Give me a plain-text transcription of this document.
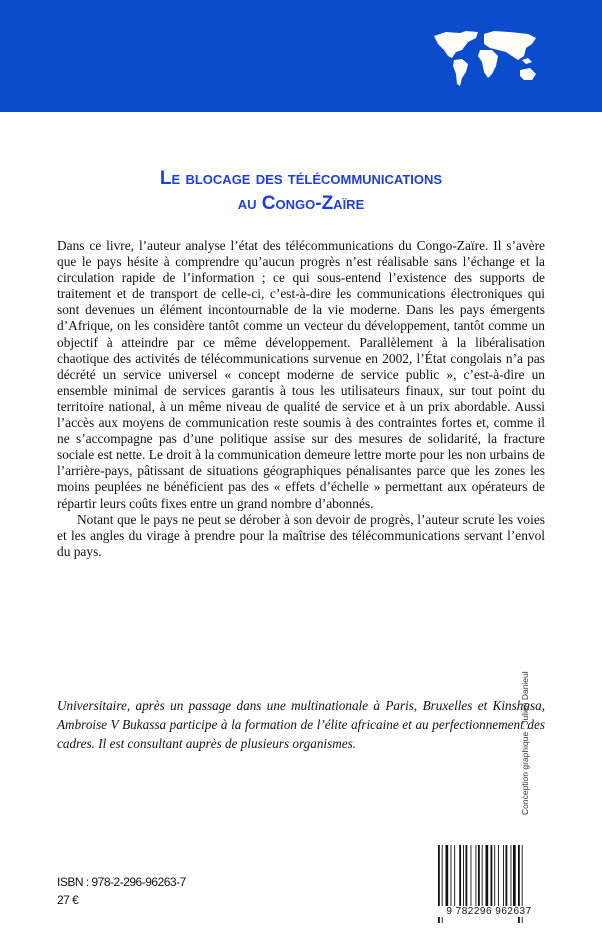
Le blocage des télécommunications
au Congo-Zaïre

Dans ce livre, l’auteur analyse l’état des télécommunications du Congo-Zaïre. Il s’avère que le pays hésite à comprendre qu’aucun progrès n’est réalisable sans l’échange et la circulation rapide de l’information ; ce qui sous-entend l’existence des supports de traitement et de transport de celle-ci, c’est-à-dire les communications électroniques qui sont devenues un élément incontournable de la vie moderne. Dans les pays émergents d’Afrique, on les considère tantôt comme un vecteur du développement, tantôt comme un objectif à atteindre par ce même développement. Parallèlement à la libéralisation chaotique des activités de télécommunications survenue en 2002, l’État congolais n’a pas décrété un service universel « concept moderne de service public », c’est-à-dire un ensemble minimal de services garantis à tous les utilisateurs finaux, sur tout point du territoire national, à un même niveau de qualité de service et à un prix abordable. Aussi l’accès aux moyens de communication reste soumis à des contraintes fortes et, comme il ne s’accompagne pas d’une politique assise sur des mesures de solidarité, la fracture sociale est nette. Le droit à la communication demeure lettre morte pour les non urbains de l’arrière-pays, pâtissant de situations géographiques pénalisantes parce que les zones les moins peuplées ne bénéficient pas des « effets d’échelle » permettant aux opérateurs de répartir leurs coûts fixes entre un grand nombre d’abonnés.

Notant que le pays ne peut se dérober à son devoir de progrès, l’auteur scrute les voies et les angles du virage à prendre pour la maîtrise des télécommunications servant l’envol du pays.

Universitaire, après un passage dans une multinationale à Paris, Bruxelles et Kinshasa, Ambroise V Bukassa participe à la formation de l’élite africaine et au perfectionnement des cadres. Il est consultant auprès de plusieurs organismes.	Conception graphique : Julien Danieul
ISBN : 978-2-296-96263-7
27 €
9 782296 962637
